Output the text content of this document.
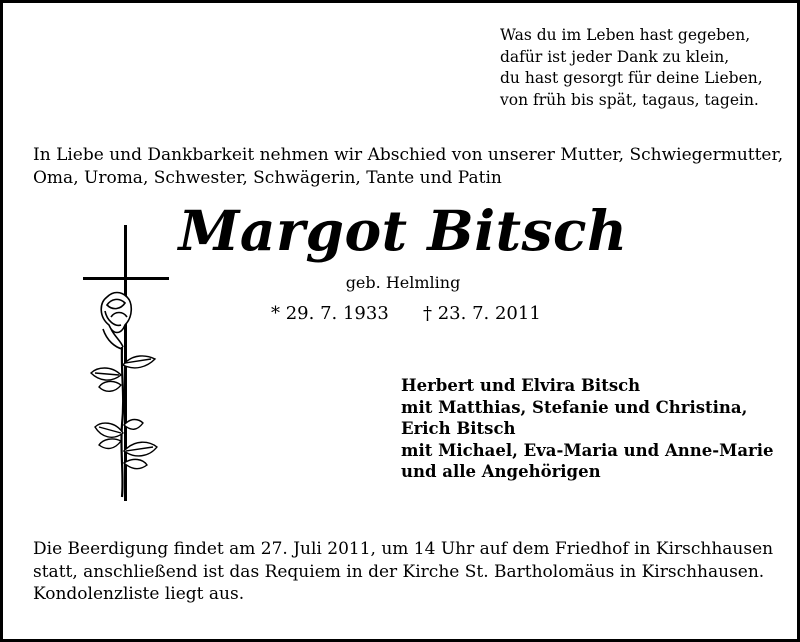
Was du im Leben hast gegeben,
dafür ist jeder Dank zu klein,
du hast gesorgt für deine Lieben,
von früh bis spät, tagaus, tagein.
In Liebe und Dankbarkeit nehmen wir Abschied von unserer Mutter, Schwiegermutter,
Oma, Uroma, Schwester, Schwägerin, Tante und Patin
Margot Bitsch
geb. Helmling
* 29. 7. 1933 † 23. 7. 2011
Herbert und Elvira Bitsch
mit Matthias, Stefanie und Christina,
Erich Bitsch
mit Michael, Eva-Maria und Anne-Marie
und alle Angehörigen
Die Beerdigung findet am 27. Juli 2011, um 14 Uhr auf dem Friedhof in Kirschhausen
statt, anschließend ist das Requiem in der Kirche St. Bartholomäus in Kirschhausen.
Kondolenzliste liegt aus.
